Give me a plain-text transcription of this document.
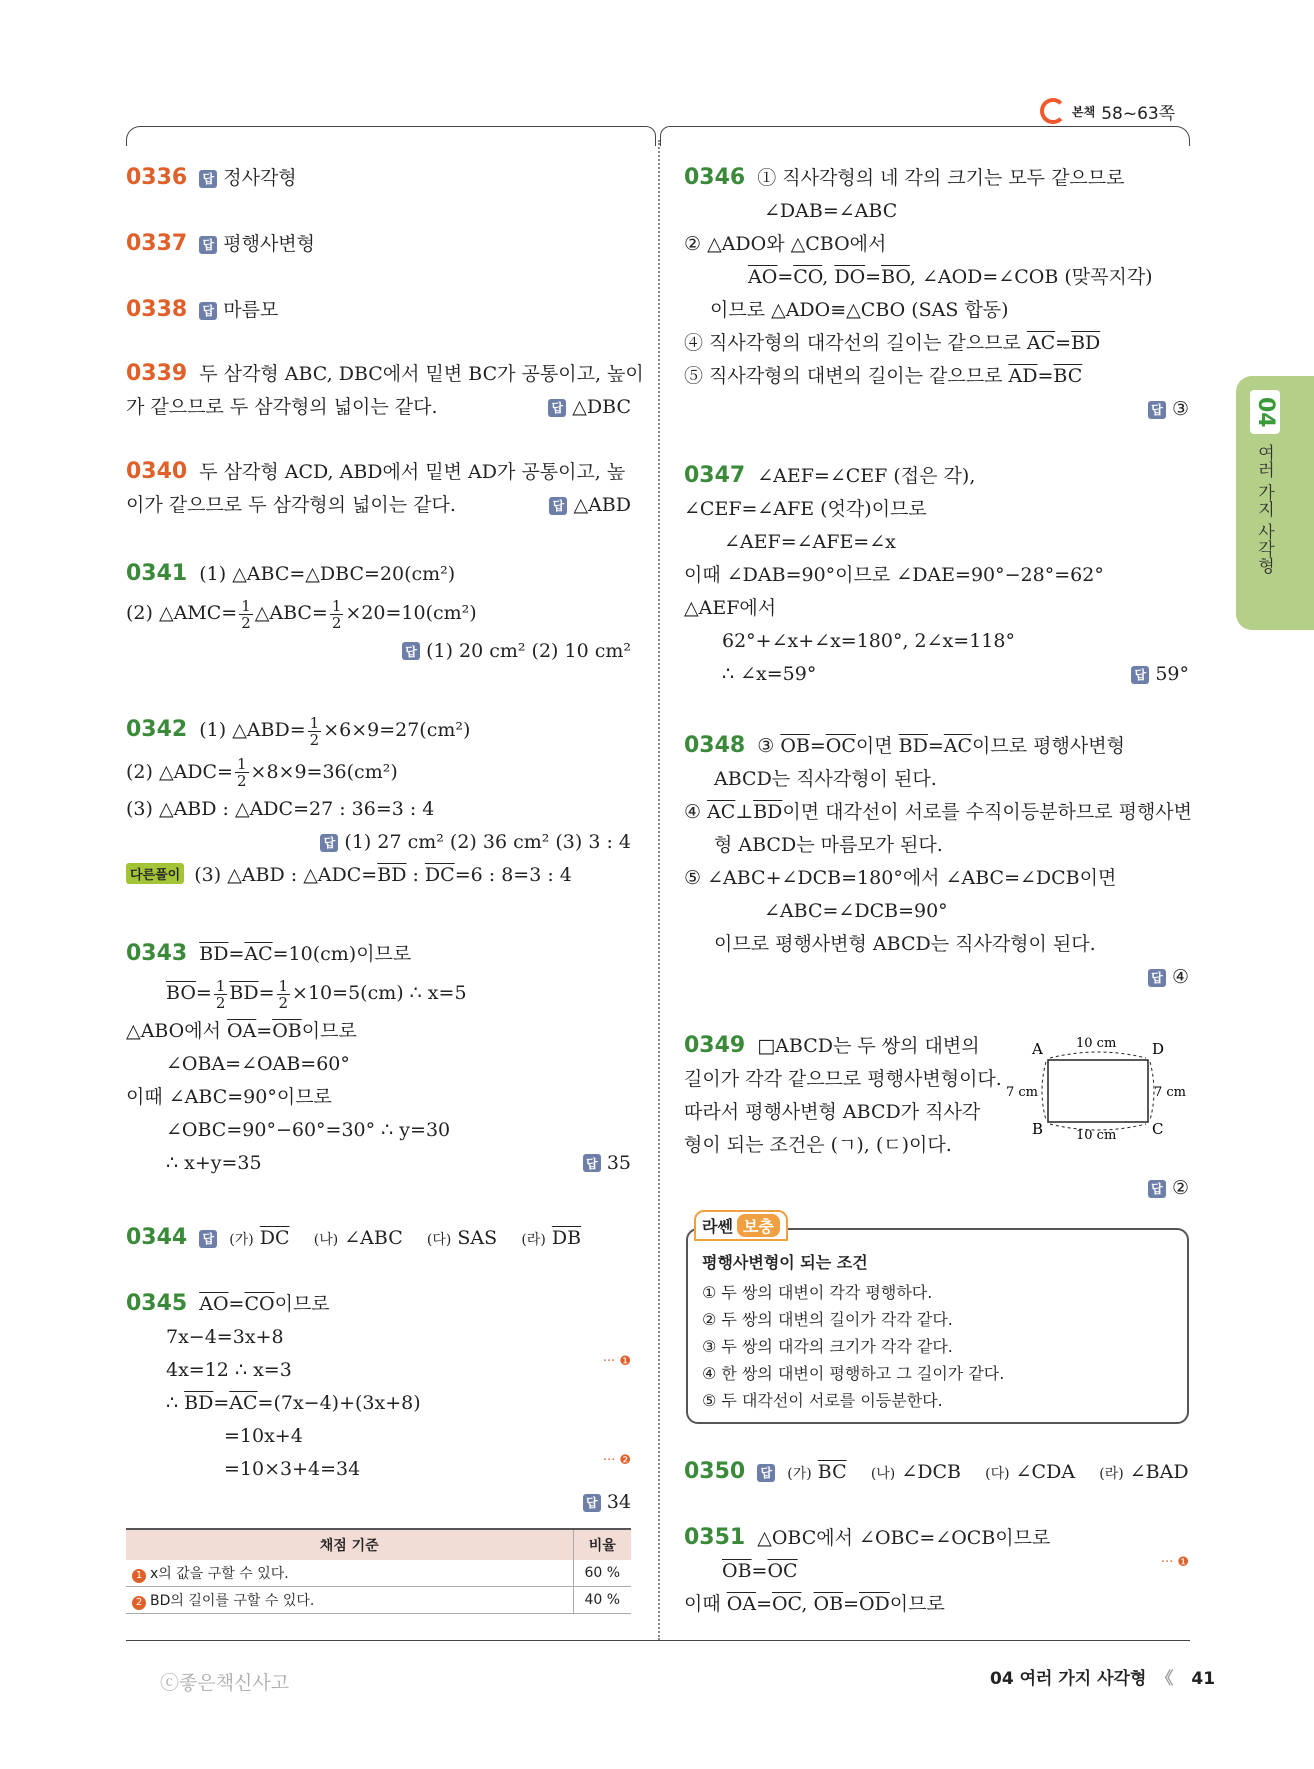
본책 58~63쪽
04
여러 가지 사각형
0336 답 정사각형
0337 답 평행사변형
0338 답 마름모
0339 두 삼각형 ABC, DBC에서 밑변 BC가 공통이고, 높이
가 같으므로 두 삼각형의 넓이는 같다. 답	△DBC
0340 두 삼각형 ACD, ABD에서 밑변 AD가 공통이고, 높
이가 같으므로 두 삼각형의 넓이는 같다. 답	△ABD
0341 (1) △ABC=△DBC=20(cm²)
(2) △AMC= $\frac{1}{2}$ △ABC= $\frac{1}{2} \times 20=10(cm^2)$
답(1) 20 cm² (2) 10 cm²
0342 (1) △ABD= $\frac{1}{2} \times 6\times 9=27(cm^2)$
(2) △ADC= $\frac{1}{2} \times 8\times 9=36(cm^2)$
(3) △ABD : △ADC=27 : 36=3 : 4
답(1) 27 cm² (2) 36 cm² (3) 3 : 4
다른풀이 (3) △ABD : $\triangle ADC=\overline{BD}$ : $\overline{DC}=6$ : 8=3 : 4
0343 $\overline{BD}=\overline{AC}=10(cm)$이므로
$\overline{BO}= \frac{1}{2} \overline{BD}= \frac{1}{2} \times 10=5(cm)$ ∴ x=5
△ABO에서 $\overline{OA}=\overline{OB}$이므로
∠OBA=∠OAB=60°
이때 ∠ABC=90°이므로
∠OBC=90°−60°=30° ∴ y=30
∴ x+y=35 답	35
0344 답	(가) $\overline{DC}$ (나) ∠ABC (다) SAS (라) $\overline{DB}$
0345 $\overline{AO}=\overline{CO}$이므로
7x−4=3x+8
4x=12 ∴ x=3	··· ❶
∴ $\overline{BD}=\overline{AC}=(7x-4)+(3x+8)$
=10x+4
=10×3+4=34	··· ❷
답34
채점 기준	비율
1 x의 값을 구할 수 있다.	60 %
2 BD의 길이를 구할 수 있다.	40 %
0346 ① 직사각형의 네 각의 크기는 모두 같으므로
∠DAB=∠ABC
② △ADO와 △CBO에서
$\overline{AO}=\overline{CO}$, $\overline{DO}=\overline{BO}$, ∠AOD=∠COB (맞꼭지각)
이므로 △ADO≡△CBO (SAS 합동)
④ 직사각형의 대각선의 길이는 같으므로 $\overline{AC}=\overline{BD}$
⑤ 직사각형의 대변의 길이는 같으므로 $\overline{AD}=\overline{BC}$
답③
0347 ∠AEF=∠CEF (접은 각),
∠CEF=∠AFE (엇각)이므로
∠AEF=∠AFE=∠x
이때 ∠DAB=90°이므로 ∠DAE=90°−28°=62°
△AEF에서
62°+∠x+∠x=180°, 2∠x=118°
∴ ∠x=59° 답	59°
0348 ③ $\overline{OB}=\overline{OC}$이면 $\overline{BD}=\overline{AC}$이므로 평행사변형
ABCD는 직사각형이 된다.
④ $\overline{AC}\perp\overline{BD}$이면 대각선이 서로를 수직이등분하므로 평행사변
형 ABCD는 마름모가 된다.
⑤ ∠ABC+∠DCB=180°에서 ∠ABC=∠DCB이면
∠ABC=∠DCB=90°
이므로 평행사변형 ABCD는 직사각형이 된다.
답④
0349 □ABCD는 두 쌍의 대변의
길이가 각각 같으므로 평행사변형이다.
따라서 평행사변형 ABCD가 직사각
형이 되는 조건은 (ㄱ), (ㄷ)이다.
답②
0350 답	(가) $\overline{BC}$ (나) ∠DCB (다) ∠CDA (라) ∠BAD
0351 △OBC에서 ∠OBC=∠OCB이므로
$\overline{OB}=\overline{OC}$	··· ❶
이때 $\overline{OA}=\overline{OC}$, $\overline{OB}=\overline{OD}$이므로
A	D
B	C
10 cm
10 cm
7 cm	7 cm
라쎈 보충
평행사변형이 되는 조건
① 두 쌍의 대변이 각각 평행하다.
② 두 쌍의 대변의 길이가 각각 같다.
③ 두 쌍의 대각의 크기가 각각 같다.
④ 한 쌍의 대변이 평행하고 그 길이가 같다.
⑤ 두 대각선이 서로를 이등분한다.
ⓒ좋은책신사고	04 여러 가지 사각형 《 41
